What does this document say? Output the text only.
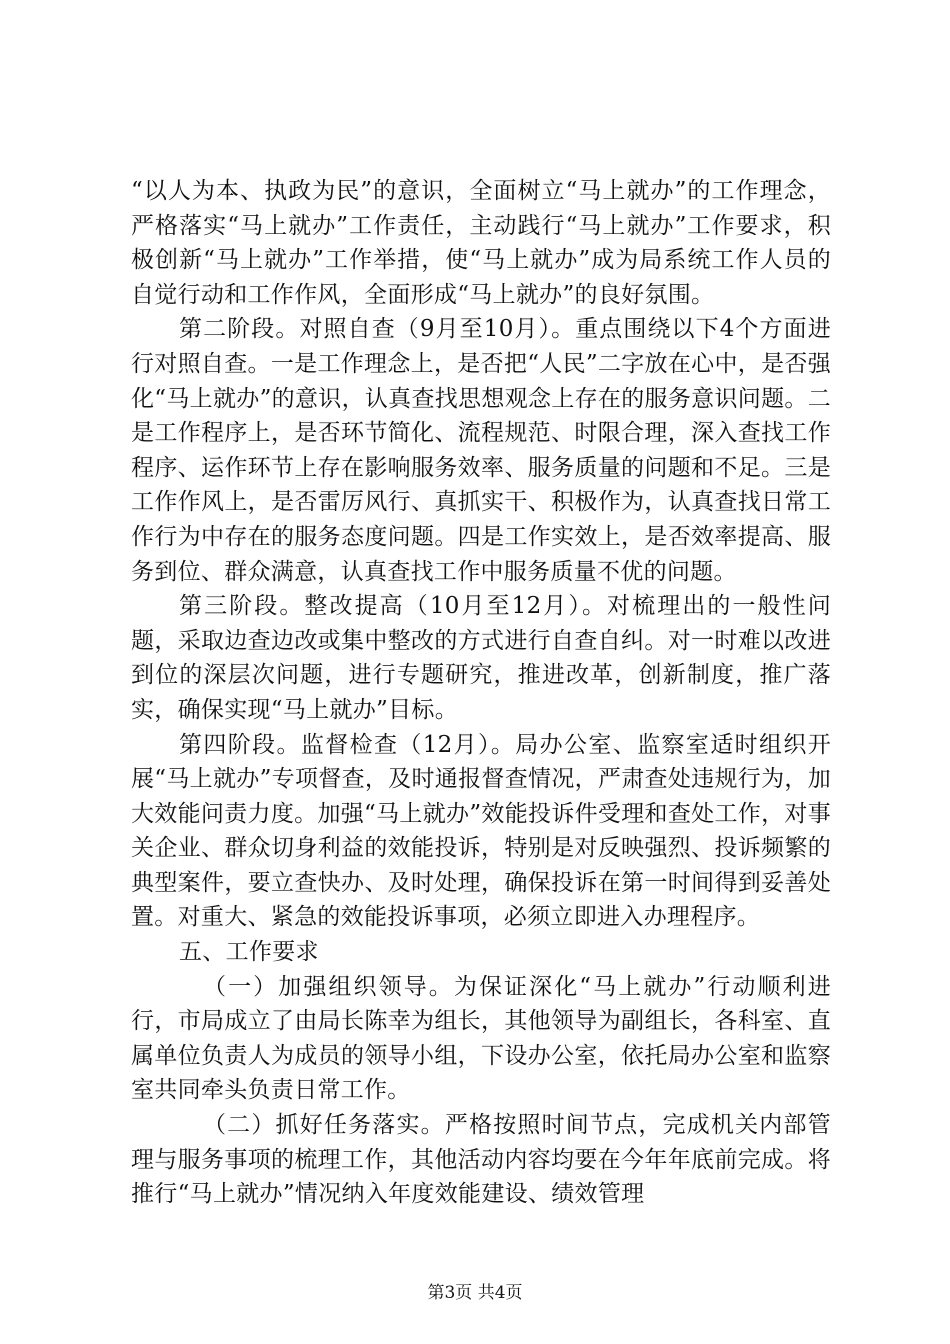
“以人为本、执政为民”的意识，全面树立“马上就办”的工作理念，严格落实“马上就办”工作责任，主动践行“马上就办”工作要求，积极创新“马上就办”工作举措，使“马上就办”成为局系统工作人员的自觉行动和工作作风，全面形成“马上就办”的良好氛围。

第二阶段。对照自查（9月至10月）。重点围绕以下4个方面进行对照自查。一是工作理念上，是否把“人民”二字放在心中，是否强化“马上就办”的意识，认真查找思想观念上存在的服务意识问题。二是工作程序上，是否环节简化、流程规范、时限合理，深入查找工作程序、运作环节上存在影响服务效率、服务质量的问题和不足。三是工作作风上，是否雷厉风行、真抓实干、积极作为，认真查找日常工作行为中存在的服务态度问题。四是工作实效上，是否效率提高、服务到位、群众满意，认真查找工作中服务质量不优的问题。

第三阶段。整改提高（10月至12月）。对梳理出的一般性问题，采取边查边改或集中整改的方式进行自查自纠。对一时难以改进到位的深层次问题，进行专题研究，推进改革，创新制度，推广落实，确保实现“马上就办”目标。

第四阶段。监督检查（12月）。局办公室、监察室适时组织开展“马上就办”专项督查，及时通报督查情况，严肃查处违规行为，加大效能问责力度。加强“马上就办”效能投诉件受理和查处工作，对事关企业、群众切身利益的效能投诉，特别是对反映强烈、投诉频繁的典型案件，要立查快办、及时处理，确保投诉在第一时间得到妥善处置。对重大、紧急的效能投诉事项，必须立即进入办理程序。

五、工作要求

（一）加强组织领导。为保证深化“马上就办”行动顺利进行，市局成立了由局长陈幸为组长，其他领导为副组长，各科室、直属单位负责人为成员的领导小组，下设办公室，依托局办公室和监察室共同牵头负责日常工作。

（二）抓好任务落实。严格按照时间节点，完成机关内部管理与服务事项的梳理工作，其他活动内容均要在今年年底前完成。将推行“马上就办”情况纳入年度效能建设、绩效管理

第3页 共4页
